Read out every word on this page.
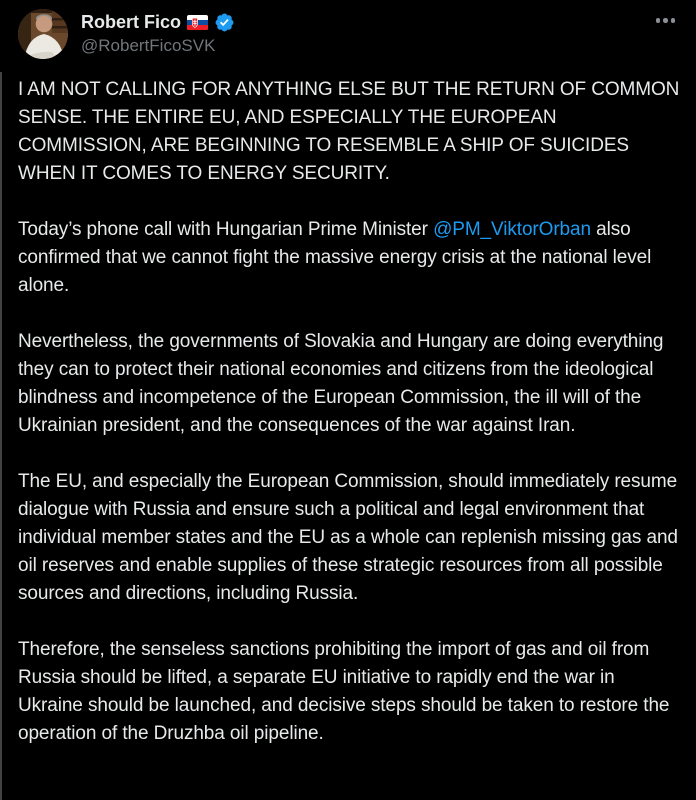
Robert Fico
@RobertFicoSVK

I AM NOT CALLING FOR ANYTHING ELSE BUT THE RETURN OF COMMON SENSE. THE ENTIRE EU, AND ESPECIALLY THE EUROPEAN COMMISSION, ARE BEGINNING TO RESEMBLE A SHIP OF SUICIDES WHEN IT COMES TO ENERGY SECURITY.

Today’s phone call with Hungarian Prime Minister @PM_ViktorOrban also confirmed that we cannot fight the massive energy crisis at the national level alone.

Nevertheless, the governments of Slovakia and Hungary are doing everything they can to protect their national economies and citizens from the ideological blindness and incompetence of the European Commission, the ill will of the Ukrainian president, and the consequences of the war against Iran.

The EU, and especially the European Commission, should immediately resume dialogue with Russia and ensure such a political and legal environment that individual member states and the EU as a whole can replenish missing gas and oil reserves and enable supplies of these strategic resources from all possible sources and directions, including Russia.

Therefore, the senseless sanctions prohibiting the import of gas and oil from Russia should be lifted, a separate EU initiative to rapidly end the war in Ukraine should be launched, and decisive steps should be taken to restore the operation of the Druzhba oil pipeline.
